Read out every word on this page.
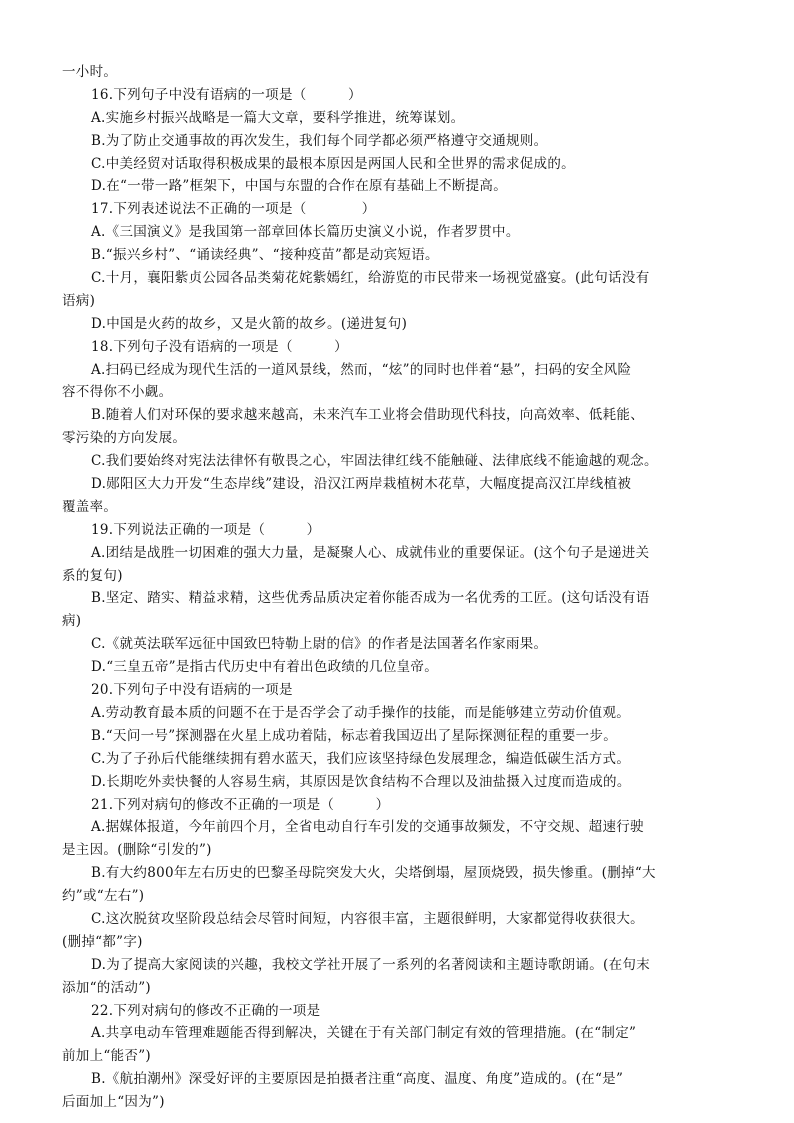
一小时。
16.下列句子中没有语病的一项是（　　　）
A.实施乡村振兴战略是一篇大文章，要科学推进，统筹谋划。
B.为了防止交通事故的再次发生，我们每个同学都必须严格遵守交通规则。
C.中美经贸对话取得积极成果的最根本原因是两国人民和全世界的需求促成的。
D.在“一带一路”框架下，中国与东盟的合作在原有基础上不断提高。
17.下列表述说法不正确的一项是（　　　　）
A.《三国演义》是我国第一部章回体长篇历史演义小说，作者罗贯中。
B.“振兴乡村”、“诵读经典”、“接种疫苗”都是动宾短语。
C.十月，襄阳紫贞公园各品类菊花姹紫嫣红，给游览的市民带来一场视觉盛宴。(此句话没有
语病)
D.中国是火药的故乡，又是火箭的故乡。(递进复句)
18.下列句子没有语病的一项是（　　　）
A.扫码已经成为现代生活的一道风景线，然而，“炫”的同时也伴着“悬”，扫码的安全风险
容不得你不小觑。
B.随着人们对环保的要求越来越高，未来汽车工业将会借助现代科技，向高效率、低耗能、
零污染的方向发展。
C.我们要始终对宪法法律怀有敬畏之心，牢固法律红线不能触碰、法律底线不能逾越的观念。
D.郧阳区大力开发“生态岸线”建设，沿汉江两岸栽植树木花草，大幅度提高汉江岸线植被
覆盖率。
19.下列说法正确的一项是（　　　）
A.团结是战胜一切困难的强大力量，是凝聚人心、成就伟业的重要保证。(这个句子是递进关
系的复句)
B.坚定、踏实、精益求精，这些优秀品质决定着你能否成为一名优秀的工匠。(这句话没有语
病)
C.《就英法联军远征中国致巴特勒上尉的信》的作者是法国著名作家雨果。
D.“三皇五帝”是指古代历史中有着出色政绩的几位皇帝。
20.下列句子中没有语病的一项是
A.劳动教育最本质的问题不在于是否学会了动手操作的技能，而是能够建立劳动价值观。
B.“天问一号”探测器在火星上成功着陆，标志着我国迈出了星际探测征程的重要一步。
C.为了子孙后代能继续拥有碧水蓝天，我们应该坚持绿色发展理念，编造低碳生活方式。
D.长期吃外卖快餐的人容易生病，其原因是饮食结构不合理以及油盐摄入过度而造成的。
21.下列对病句的修改不正确的一项是（　　　）
A.据媒体报道，今年前四个月，全省电动自行车引发的交通事故频发，不守交规、超速行驶
是主因。(删除“引发的”)
B.有大约800年左右历史的巴黎圣母院突发大火，尖塔倒塌，屋顶烧毁，损失惨重。(删掉“大
约”或“左右”)
C.这次脱贫攻坚阶段总结会尽管时间短，内容很丰富，主题很鲜明，大家都觉得收获很大。
(删掉“都”字)
D.为了提高大家阅读的兴趣，我校文学社开展了一系列的名著阅读和主题诗歌朗诵。(在句末
添加“的活动”)
22.下列对病句的修改不正确的一项是
A.共享电动车管理难题能否得到解决，关键在于有关部门制定有效的管理措施。(在“制定”
前加上“能否”)
B.《航拍潮州》深受好评的主要原因是拍摄者注重“高度、温度、角度”造成的。(在“是”
后面加上“因为”)
